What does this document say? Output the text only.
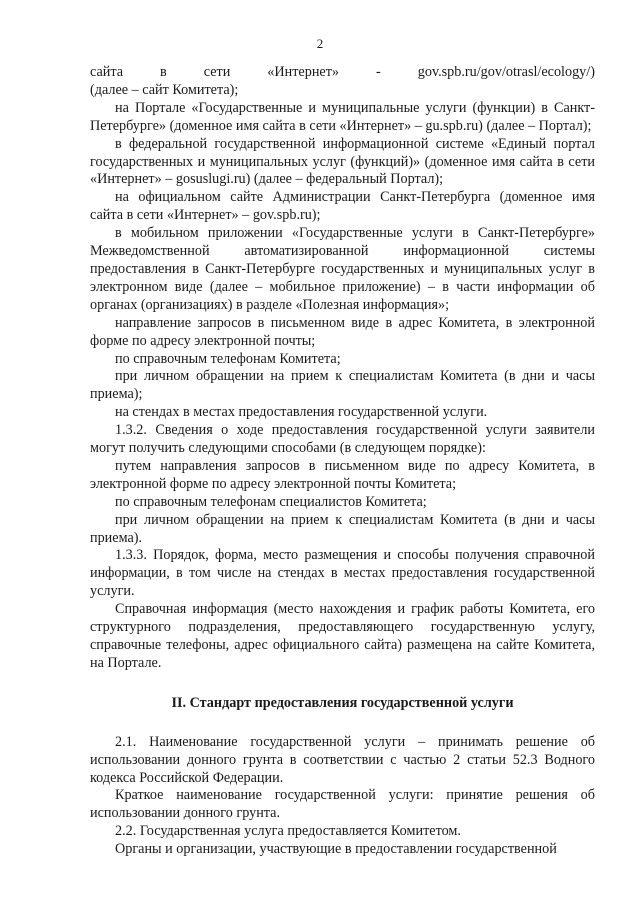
2
сайта	в	сети	«Интернет»	-	gov.spb.ru/gov/otrasl/ecology/)

(далее – сайт Комитета);

на Портале «Государственные и муниципальные услуги (функции) в Санкт-Петербурге» (доменное имя сайта в сети «Интернет» – gu.spb.ru) (далее – Портал);

в федеральной государственной информационной системе «Единый портал государственных и муниципальных услуг (функций)» (доменное имя сайта в сети «Интернет» – gosuslugi.ru) (далее – федеральный Портал);

на официальном сайте Администрации Санкт-Петербурга (доменное имя сайта в сети «Интернет» – gov.spb.ru);

в мобильном приложении «Государственные услуги в Санкт-Петербурге» Межведомственной автоматизированной информационной системы предоставления в Санкт-Петербурге государственных и муниципальных услуг в электронном виде (далее – мобильное приложение) – в части информации об органах (организациях) в разделе «Полезная информация»;

направление запросов в письменном виде в адрес Комитета, в электронной форме по адресу электронной почты;

по справочным телефонам Комитета;

при личном обращении на прием к специалистам Комитета (в дни и часы приема);

на стендах в местах предоставления государственной услуги.

1.3.2. Сведения о ходе предоставления государственной услуги заявители могут получить следующими способами (в следующем порядке):

путем направления запросов в письменном виде по адресу Комитета, в электронной форме по адресу электронной почты Комитета;

по справочным телефонам специалистов Комитета;

при личном обращении на прием к специалистам Комитета (в дни и часы приема).

1.3.3. Порядок, форма, место размещения и способы получения справочной информации, в том числе на стендах в местах предоставления государственной услуги.

Справочная информация (место нахождения и график работы Комитета, его структурного подразделения, предоставляющего государственную услугу, справочные телефоны, адрес официального сайта) размещена на сайте Комитета, на Портале.

II. Стандарт предоставления государственной услуги

2.1. Наименование государственной услуги – принимать решение об использовании донного грунта в соответствии с частью 2 статьи 52.3 Водного кодекса Российской Федерации.

Краткое наименование государственной услуги: принятие решения об использовании донного грунта.

2.2. Государственная услуга предоставляется Комитетом.

Органы и организации, участвующие в предоставлении государственной
